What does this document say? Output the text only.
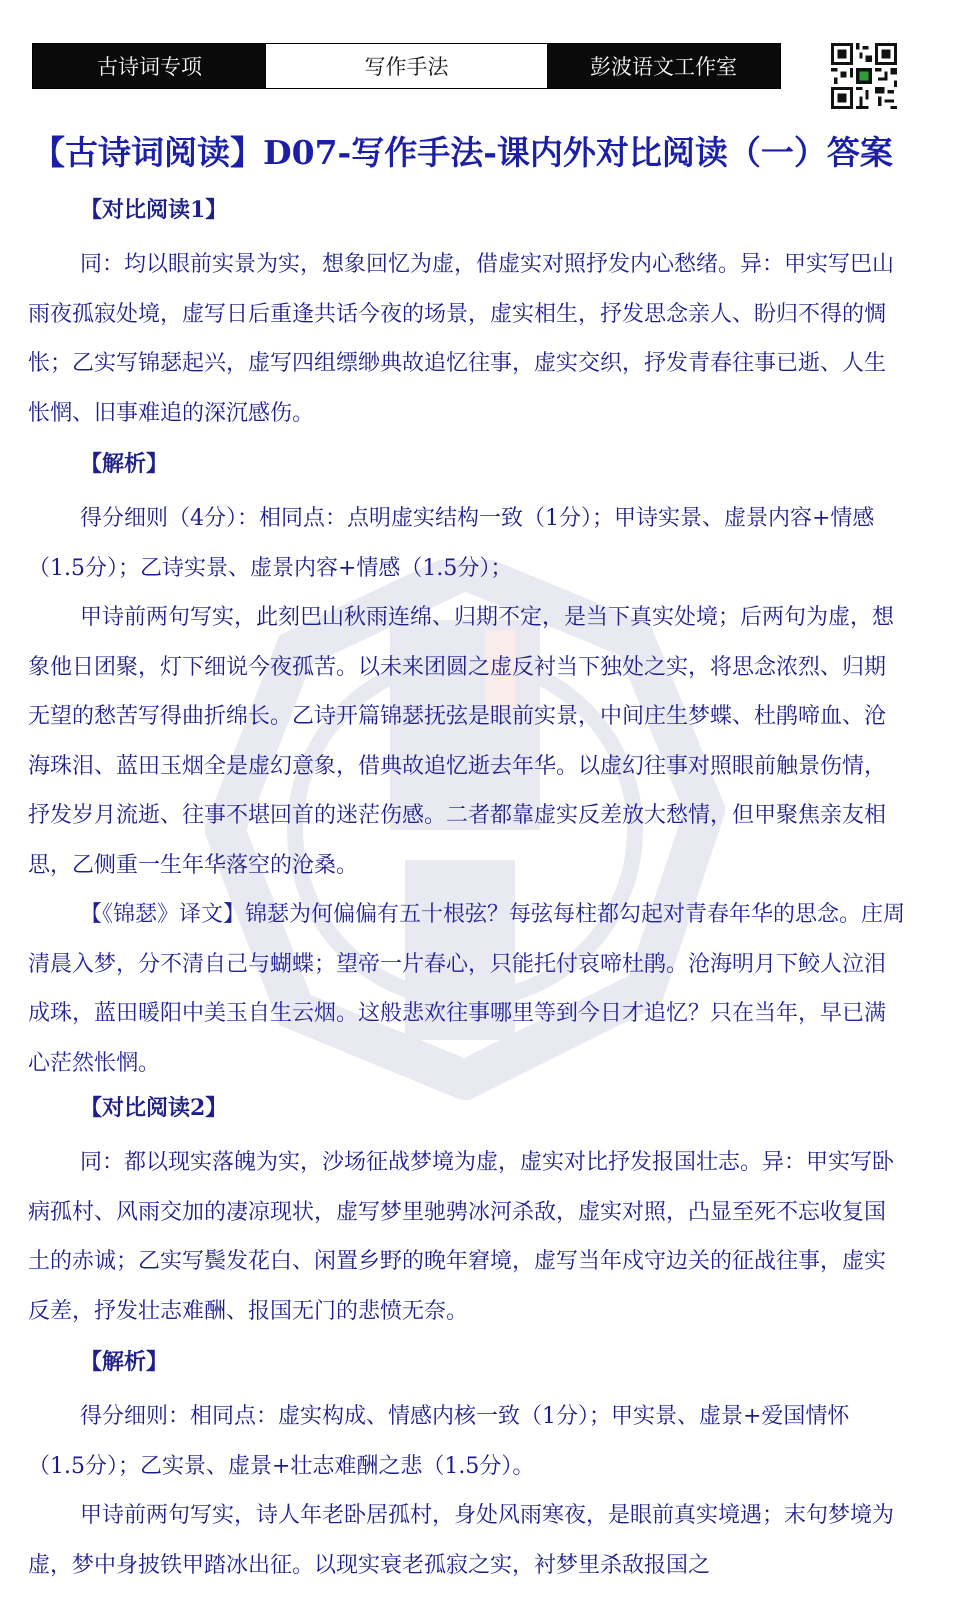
古诗词专项	写作手法	彭波语文工作室
【古诗词阅读】D07-写作手法-课内外对比阅读（一）答案
【对比阅读1】

同：均以眼前实景为实，想象回忆为虚，借虚实对照抒发内心愁绪。异：甲实写巴山雨夜孤寂处境，虚写日后重逢共话今夜的场景，虚实相生，抒发思念亲人、盼归不得的惆怅；乙实写锦瑟起兴，虚写四组缥缈典故追忆往事，虚实交织，抒发青春往事已逝、人生怅惘、旧事难追的深沉感伤。

【解析】

得分细则（4分）：相同点：点明虚实结构一致（1分）；甲诗实景、虚景内容+情感（1.5分）；乙诗实景、虚景内容+情感（1.5分）；

甲诗前两句写实，此刻巴山秋雨连绵、归期不定，是当下真实处境；后两句为虚，想象他日团聚，灯下细说今夜孤苦。以未来团圆之虚反衬当下独处之实，将思念浓烈、归期无望的愁苦写得曲折绵长。乙诗开篇锦瑟抚弦是眼前实景，中间庄生梦蝶、杜鹃啼血、沧海珠泪、蓝田玉烟全是虚幻意象，借典故追忆逝去年华。以虚幻往事对照眼前触景伤情，抒发岁月流逝、往事不堪回首的迷茫伤感。二者都靠虚实反差放大愁情，但甲聚焦亲友相思，乙侧重一生年华落空的沧桑。

【《锦瑟》译文】锦瑟为何偏偏有五十根弦？每弦每柱都勾起对青春年华的思念。庄周清晨入梦，分不清自己与蝴蝶；望帝一片春心，只能托付哀啼杜鹃。沧海明月下鲛人泣泪成珠，蓝田暖阳中美玉自生云烟。这般悲欢往事哪里等到今日才追忆？只在当年，早已满心茫然怅惘。

【对比阅读2】

同：都以现实落魄为实，沙场征战梦境为虚，虚实对比抒发报国壮志。异：甲实写卧病孤村、风雨交加的凄凉现状，虚写梦里驰骋冰河杀敌，虚实对照，凸显至死不忘收复国土的赤诚；乙实写鬓发花白、闲置乡野的晚年窘境，虚写当年戍守边关的征战往事，虚实反差，抒发壮志难酬、报国无门的悲愤无奈。

【解析】

得分细则：相同点：虚实构成、情感内核一致（1分）；甲实景、虚景+爱国情怀（1.5分）；乙实景、虚景+壮志难酬之悲（1.5分）。

甲诗前两句写实，诗人年老卧居孤村，身处风雨寒夜，是眼前真实境遇；末句梦境为虚，梦中身披铁甲踏冰出征。以现实衰老孤寂之实，衬梦里杀敌报国之
